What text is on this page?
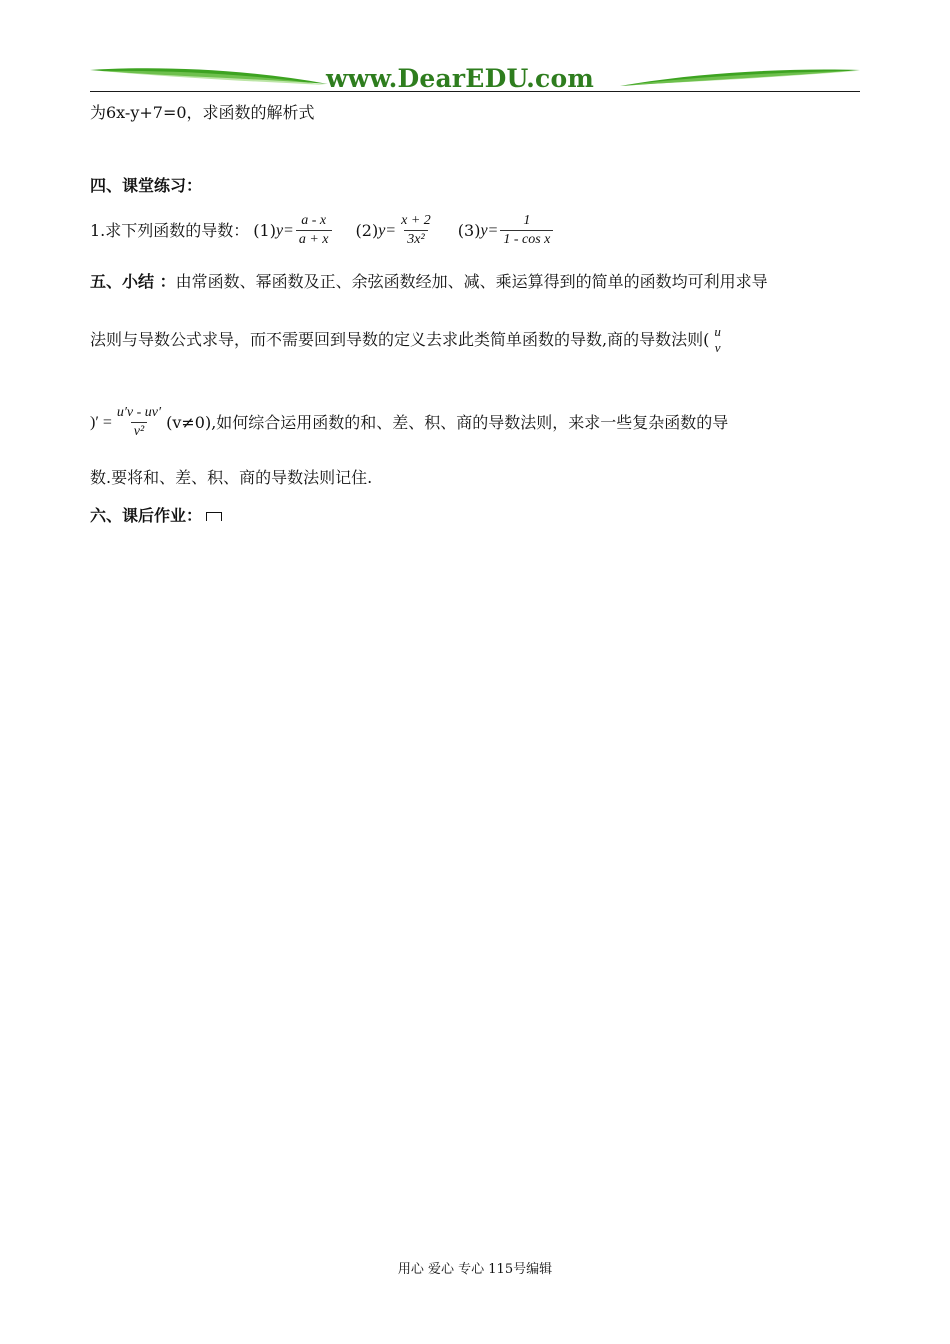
www.DearEDU.com
为6x-y+7=0，求函数的解析式
四、课堂练习：
1.求下列函数的导数： (1) $y= \frac{a - x}{a + x} (2)$ $y= \frac{x + 2}{\text{3x²}} (3)$ $y= \frac{1}{\text{1 - cos x}}$
五、小结 ：由常函数、幂函数及正、余弦函数经加、减、乘运算得到的简单的函数均可利用求导
法则与导数公式求导，而不需要回到导数的定义去求此类简单函数的导数,商的导数法则( u
v
)′ = $\frac{u'v - uv'}{\text{v²}} (v\ne 0)$,如何综合运用函数的和、差、积、商的导数法则，来求一些复杂函数的导
数.要将和、差、积、商的导数法则记住.
六、课后作业：
用心 爱心 专心 115号编辑
